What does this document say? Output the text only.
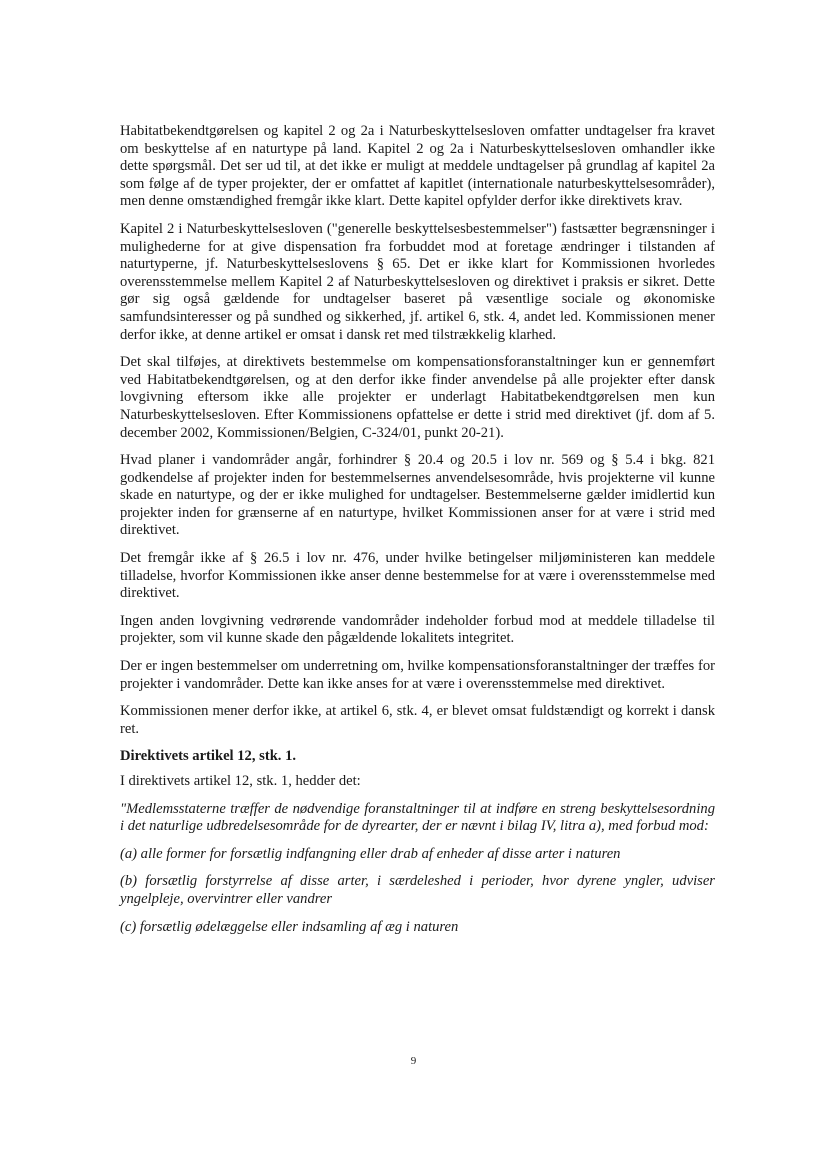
Habitatbekendtgørelsen og kapitel 2 og 2a i Naturbeskyttelsesloven omfatter undtagelser fra kravet om beskyttelse af en naturtype på land. Kapitel 2 og 2a i Naturbeskyttelsesloven omhandler ikke dette spørgsmål. Det ser ud til, at det ikke er muligt at meddele undtagelser på grundlag af kapitel 2a som følge af de typer projekter, der er omfattet af kapitlet (internationale naturbeskyttelsesområder), men denne omstændighed fremgår ikke klart. Dette kapitel opfylder derfor ikke direktivets krav.

Kapitel 2 i Naturbeskyttelsesloven ("generelle beskyttelsesbestemmelser") fastsætter begrænsninger i mulighederne for at give dispensation fra forbuddet mod at foretage ændringer i tilstanden af naturtyperne, jf. Naturbeskyttelseslovens § 65. Det er ikke klart for Kommissionen hvorledes overensstemmelse mellem Kapitel 2 af Naturbeskyttelsesloven og direktivet i praksis er sikret. Dette gør sig også gældende for undtagelser baseret på væsentlige sociale og økonomiske samfundsinteresser og på sundhed og sikkerhed, jf. artikel 6, stk. 4, andet led. Kommissionen mener derfor ikke, at denne artikel er omsat i dansk ret med tilstrækkelig klarhed.

Det skal tilføjes, at direktivets bestemmelse om kompensationsforanstaltninger kun er gennemført ved Habitatbekendtgørelsen, og at den derfor ikke finder anvendelse på alle projekter efter dansk lovgivning eftersom ikke alle projekter er underlagt Habitatbekendtgørelsen men kun Naturbeskyttelsesloven. Efter Kommissionens opfattelse er dette i strid med direktivet (jf. dom af 5. december 2002, Kommissionen/Belgien, C-324/01, punkt 20-21).

Hvad planer i vandområder angår, forhindrer § 20.4 og 20.5 i lov nr. 569 og § 5.4 i bkg. 821 godkendelse af projekter inden for bestemmelsernes anvendelsesområde, hvis projekterne vil kunne skade en naturtype, og der er ikke mulighed for undtagelser. Bestemmelserne gælder imidlertid kun projekter inden for grænserne af en naturtype, hvilket Kommissionen anser for at være i strid med direktivet.

Det fremgår ikke af § 26.5 i lov nr. 476, under hvilke betingelser miljøministeren kan meddele tilladelse, hvorfor Kommissionen ikke anser denne bestemmelse for at være i overensstemmelse med direktivet.

Ingen anden lovgivning vedrørende vandområder indeholder forbud mod at meddele tilladelse til projekter, som vil kunne skade den pågældende lokalitets integritet.

Der er ingen bestemmelser om underretning om, hvilke kompensationsforanstaltninger der træffes for projekter i vandområder. Dette kan ikke anses for at være i overensstemmelse med direktivet.

Kommissionen mener derfor ikke, at artikel 6, stk. 4, er blevet omsat fuldstændigt og korrekt i dansk ret.

Direktivets artikel 12, stk. 1.

I direktivets artikel 12, stk. 1, hedder det:

"Medlemsstaterne træffer de nødvendige foranstaltninger til at indføre en streng beskyttelsesordning i det naturlige udbredelsesområde for de dyrearter, der er nævnt i bilag IV, litra a), med forbud mod:

(a) alle former for forsætlig indfangning eller drab af enheder af disse arter i naturen

(b) forsætlig forstyrrelse af disse arter, i særdeleshed i perioder, hvor dyrene yngler, udviser yngelpleje, overvintrer eller vandrer

(c) forsætlig ødelæggelse eller indsamling af æg i naturen

9
